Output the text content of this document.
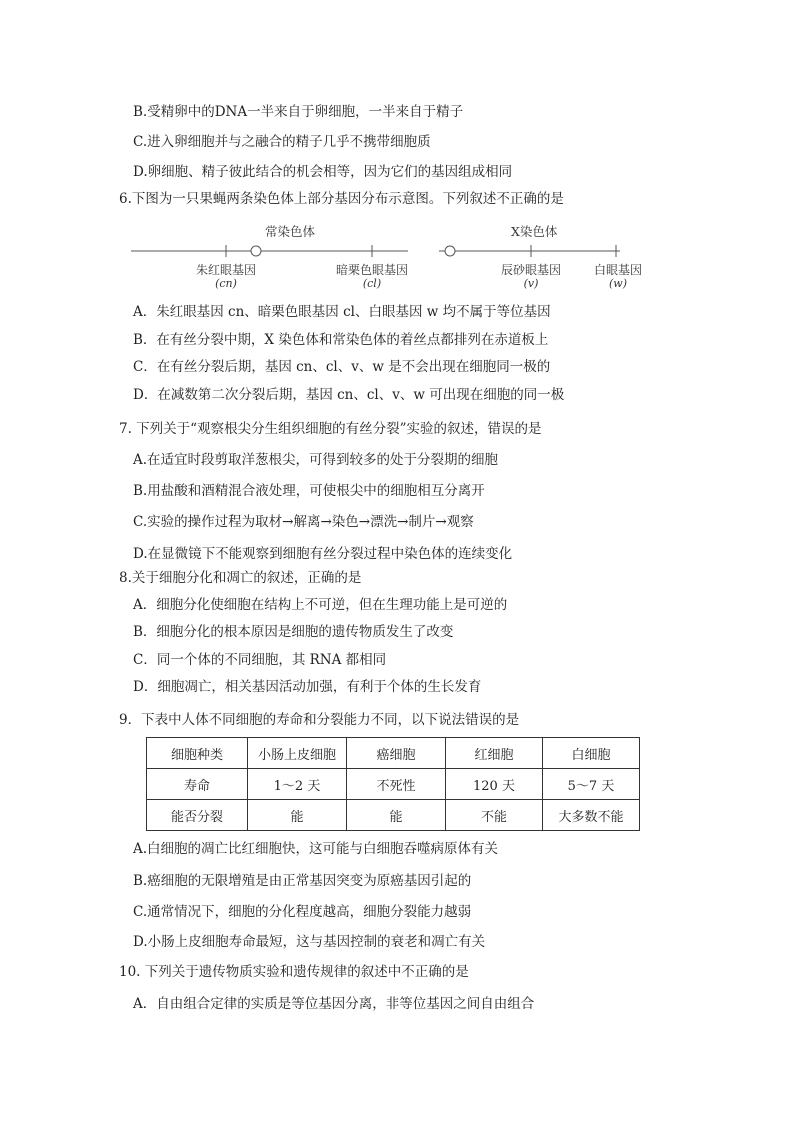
B.受精卵中的DNA一半来自于卵细胞，一半来自于精子
C.进入卵细胞并与之融合的精子几乎不携带细胞质
D.卵细胞、精子彼此结合的机会相等，因为它们的基因组成相同
6.下图为一只果蝇两条染色体上部分基因分布示意图。下列叙述不正确的是
常染色体	X染色体
朱红眼基因
(cn)
暗栗色眼基因
(cl)
辰砂眼基因
(v)
白眼基因
(w)
A．朱红眼基因 cn、暗栗色眼基因 cl、白眼基因 w 均不属于等位基因
B．在有丝分裂中期，X 染色体和常染色体的着丝点都排列在赤道板上
C．在有丝分裂后期，基因 cn、cl、v、w 是不会出现在细胞同一极的
D．在减数第二次分裂后期，基因 cn、cl、v、w 可出现在细胞的同一极
7. 下列关于“观察根尖分生组织细胞的有丝分裂”实验的叙述，错误的是
A.在适宜时段剪取洋葱根尖，可得到较多的处于分裂期的细胞
B.用盐酸和酒精混合液处理，可使根尖中的细胞相互分离开
C.实验的操作过程为取材→解离→染色→漂洗→制片→观察
D.在显微镜下不能观察到细胞有丝分裂过程中染色体的连续变化
8.关于细胞分化和凋亡的叙述，正确的是
A．细胞分化使细胞在结构上不可逆，但在生理功能上是可逆的
B．细胞分化的根本原因是细胞的遗传物质发生了改变
C．同一个体的不同细胞，其 RNA 都相同
D．细胞凋亡，相关基因活动加强，有利于个体的生长发育
9．下表中人体不同细胞的寿命和分裂能力不同，以下说法错误的是
细胞种类	小肠上皮细胞	癌细胞	红细胞	白细胞
寿命	1～2 天	不死性	120 天	5～7 天
能否分裂	能	能	不能	大多数不能
A.白细胞的凋亡比红细胞快，这可能与白细胞吞噬病原体有关
B.癌细胞的无限增殖是由正常基因突变为原癌基因引起的
C.通常情况下，细胞的分化程度越高，细胞分裂能力越弱
D.小肠上皮细胞寿命最短，这与基因控制的衰老和凋亡有关
10. 下列关于遗传物质实验和遗传规律的叙述中不正确的是
A．自由组合定律的实质是等位基因分离，非等位基因之间自由组合
